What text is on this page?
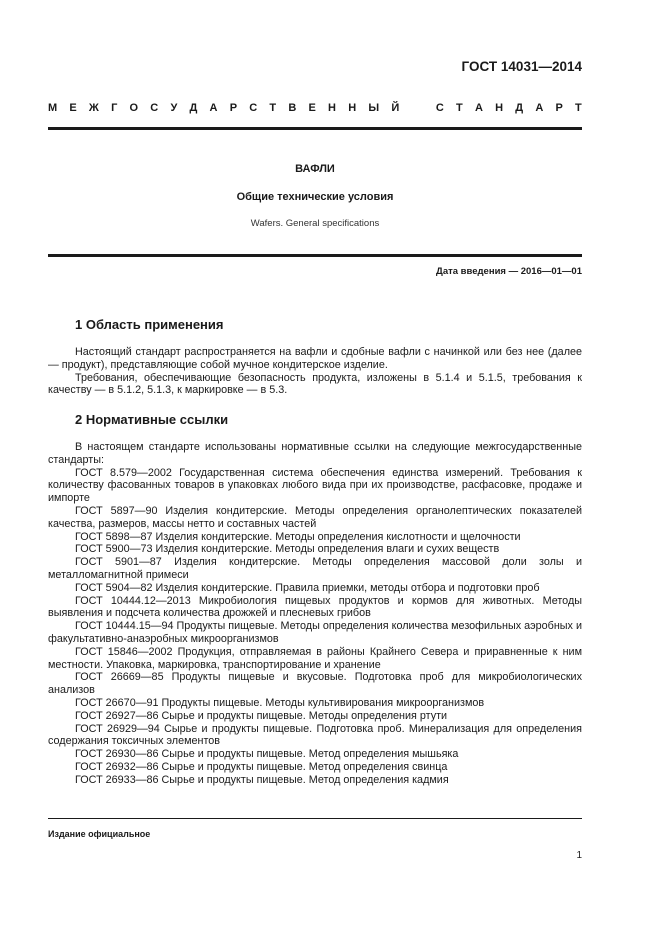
ГОСТ 14031—2014
М Е Ж Г О С У Д А Р С Т В Е Н Н Ы Й	С Т А Н Д А Р Т
ВАФЛИ
Общие технические условия
Wafers. General specifications
Дата введения — 2016—01—01
1 Область применения

Настоящий стандарт распространяется на вафли и сдобные вафли с начинкой или без нее (далее — продукт), представляющие собой мучное кондитерское изделие.

Требования, обеспечивающие безопасность продукта, изложены в 5.1.4 и 5.1.5, требования к качеству — в 5.1.2, 5.1.3, к маркировке — в 5.3.

2 Нормативные ссылки

В настоящем стандарте использованы нормативные ссылки на следующие межгосударственные стандарты:

ГОСТ 8.579—2002 Государственная система обеспечения единства измерений. Требования к количеству фасованных товаров в упаковках любого вида при их производстве, расфасовке, продаже и импорте

ГОСТ 5897—90 Изделия кондитерские. Методы определения органолептических показателей качества, размеров, массы нетто и составных частей

ГОСТ 5898—87 Изделия кондитерские. Методы определения кислотности и щелочности

ГОСТ 5900—73 Изделия кондитерские. Методы определения влаги и сухих веществ

ГОСТ 5901—87 Изделия кондитерские. Методы определения массовой доли золы и металломагнитной примеси

ГОСТ 5904—82 Изделия кондитерские. Правила приемки, методы отбора и подготовки проб

ГОСТ 10444.12—2013 Микробиология пищевых продуктов и кормов для животных. Методы выявления и подсчета количества дрожжей и плесневых грибов

ГОСТ 10444.15—94 Продукты пищевые. Методы определения количества мезофильных аэробных и факультативно-анаэробных микроорганизмов

ГОСТ 15846—2002 Продукция, отправляемая в районы Крайнего Севера и приравненные к ним местности. Упаковка, маркировка, транспортирование и хранение

ГОСТ 26669—85 Продукты пищевые и вкусовые. Подготовка проб для микробиологических анализов

ГОСТ 26670—91 Продукты пищевые. Методы культивирования микроорганизмов

ГОСТ 26927—86 Сырье и продукты пищевые. Методы определения ртути

ГОСТ 26929—94 Сырье и продукты пищевые. Подготовка проб. Минерализация для определения содержания токсичных элементов

ГОСТ 26930—86 Сырье и продукты пищевые. Метод определения мышьяка

ГОСТ 26932—86 Сырье и продукты пищевые. Метод определения свинца

ГОСТ 26933—86 Сырье и продукты пищевые. Метод определения кадмия

Издание официальное
1
